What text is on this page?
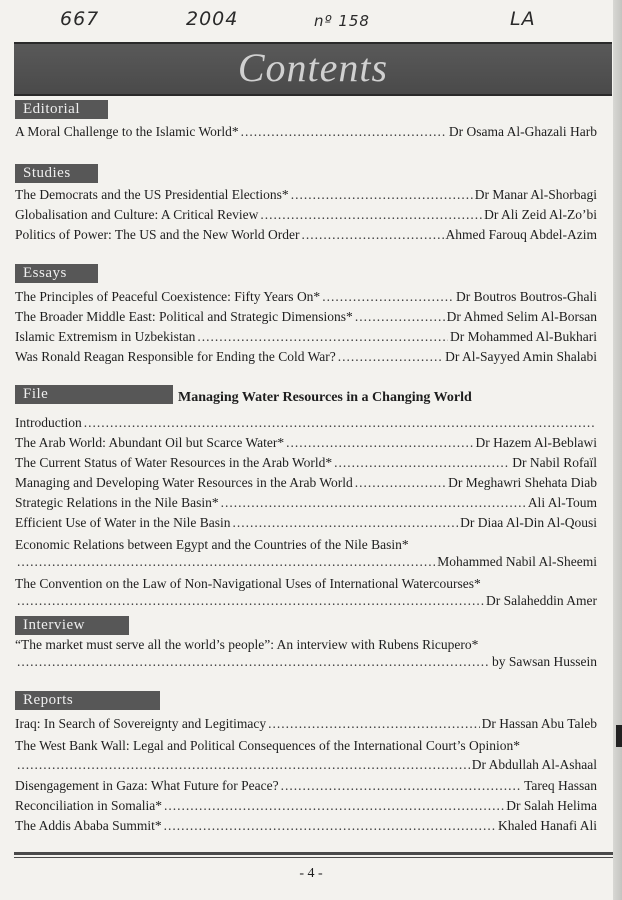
667	2004	nº 158	LA
Contents
Editorial
A Moral Challenge to the Islamic World* .....	Dr Osama Al-Ghazali Harb
Studies
The Democrats and the US Presidential Elections* .....	Dr Manar Al-Shorbagi
Globalisation and Culture: A Critical Review .....	Dr Ali Zeid Al-Zo’bi
Politics of Power: The US and the New World Order .....	Ahmed Farouq Abdel-Azim
Essays
The Principles of Peaceful Coexistence: Fifty Years On* .....	Dr Boutros Boutros-Ghali
The Broader Middle East: Political and Strategic Dimensions* .....	Dr Ahmed Selim Al-Borsan
Islamic Extremism in Uzbekistan .....	Dr Mohammed Al-Bukhari
Was Ronald Reagan Responsible for Ending the Cold War? .....	Dr Al-Sayyed Amin Shalabi
File	Managing Water Resources in a Changing World
Introduction
.....
The Arab World: Abundant Oil but Scarce Water* .....	Dr Hazem Al-Beblawi
The Current Status of Water Resources in the Arab World* .....	Dr Nabil Rofaïl
Managing and Developing Water Resources in the Arab World .....	Dr Meghawri Shehata Diab
Strategic Relations in the Nile Basin* .....	Ali Al-Toum
Efficient Use of Water in the Nile Basin .....	Dr Diaa Al-Din Al-Qousi
Economic Relations between Egypt and the Countries of the Nile Basin*
.....
Mohammed Nabil Al-Sheemi
The Convention on the Law of Non-Navigational Uses of International Watercourses*
.....
Dr Salaheddin Amer
Interview
“The market must serve all the world’s people”: An interview with Rubens Ricupero*
.....
by Sawsan Hussein
Reports
Iraq: In Search of Sovereignty and Legitimacy .....	Dr Hassan Abu Taleb
The West Bank Wall: Legal and Political Consequences of the International Court’s Opinion*
.....
Dr Abdullah Al-Ashaal
Disengagement in Gaza: What Future for Peace? .....	Tareq Hassan
Reconciliation in Somalia* .....	Dr Salah Helima
The Addis Ababa Summit* .....	Khaled Hanafi Ali
- 4 -
